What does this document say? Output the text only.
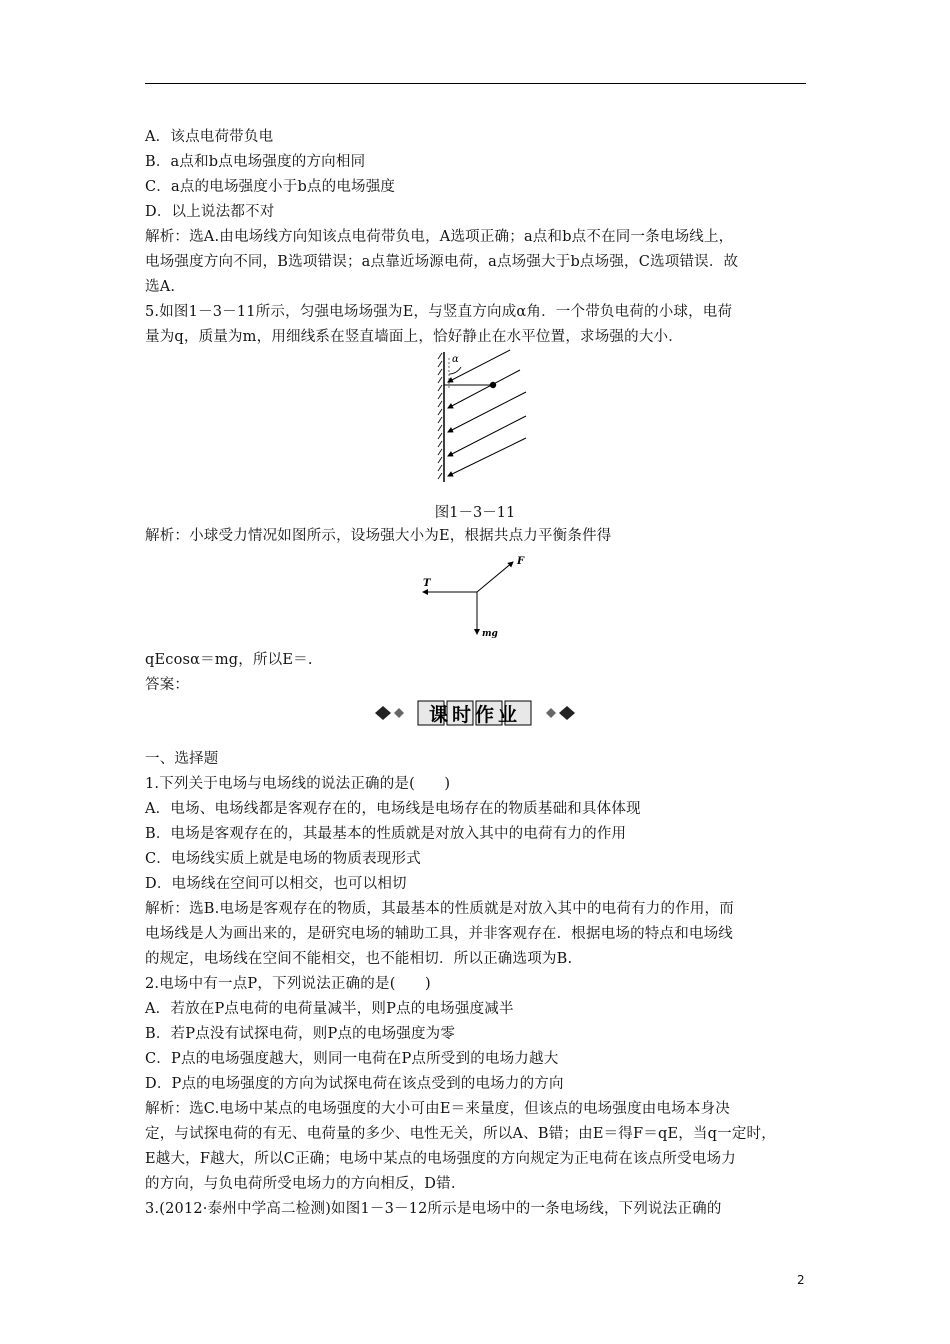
A．该点电荷带负电
B．a点和b点电场强度的方向相同
C．a点的电场强度小于b点的电场强度
D．以上说法都不对
解析：选A.由电场线方向知该点电荷带负电，A选项正确；a点和b点不在同一条电场线上，
电场强度方向不同，B选项错误；a点靠近场源电荷，a点场强大于b点场强，C选项错误．故
选A.
5.如图1－3－11所示，匀强电场场强为E，与竖直方向成α角．一个带负电荷的小球，电荷
量为q，质量为m，用细线系在竖直墙面上，恰好静止在水平位置，求场强的大小．
α
图1－3－11
解析：小球受力情况如图所示，设场强大小为E，根据共点力平衡条件得
T
F
mg
qEcosα＝mg，所以E＝.
答案：
课时作业
一、选择题
1.下列关于电场与电场线的说法正确的是(　　)
A．电场、电场线都是客观存在的，电场线是电场存在的物质基础和具体体现
B．电场是客观存在的，其最基本的性质就是对放入其中的电荷有力的作用
C．电场线实质上就是电场的物质表现形式
D．电场线在空间可以相交，也可以相切
解析：选B.电场是客观存在的物质，其最基本的性质就是对放入其中的电荷有力的作用，而
电场线是人为画出来的，是研究电场的辅助工具，并非客观存在．根据电场的特点和电场线
的规定，电场线在空间不能相交，也不能相切．所以正确选项为B.
2.电场中有一点P，下列说法正确的是(　　)
A．若放在P点电荷的电荷量减半，则P点的电场强度减半
B．若P点没有试探电荷，则P点的电场强度为零
C．P点的电场强度越大，则同一电荷在P点所受到的电场力越大
D．P点的电场强度的方向为试探电荷在该点受到的电场力的方向
解析：选C.电场中某点的电场强度的大小可由E＝来量度，但该点的电场强度由电场本身决
定，与试探电荷的有无、电荷量的多少、电性无关，所以A、B错；由E＝得F＝qE，当q一定时，
E越大，F越大，所以C正确；电场中某点的电场强度的方向规定为正电荷在该点所受电场力
的方向，与负电荷所受电场力的方向相反，D错.
3.(2012·泰州中学高二检测)如图1－3－12所示是电场中的一条电场线，下列说法正确的
2
